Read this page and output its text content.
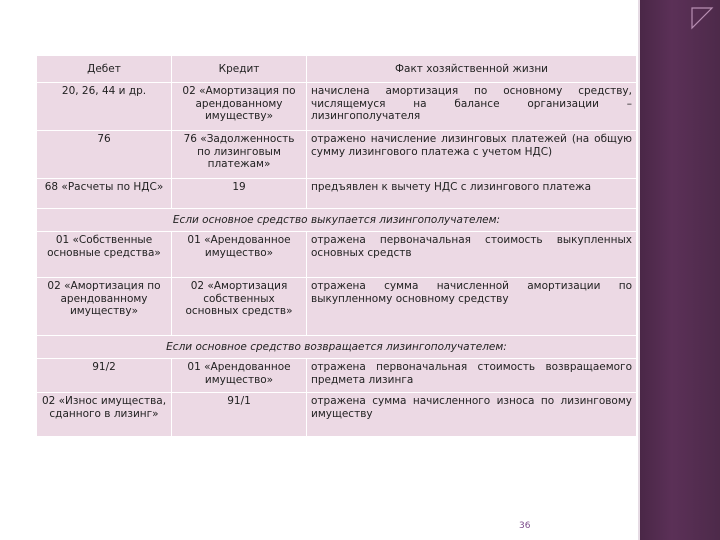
Дебет	Кредит	Факт хозяйственной жизни
20, 26, 44 и др.	02 «Амортизация по арендованному имуществу»	начислена амортизация по основному средству, числящемуся на балансе организации – лизингополучателя
76	76 «Задолженность по лизинговым платежам»	отражено начисление лизинговых платежей (на общую сумму лизингового платежа с учетом НДС)
68 «Расчеты по НДС»	19	предъявлен к вычету НДС с лизингового платежа
Если основное средство выкупается лизингополучателем:		
01 «Собственные основные средства»	01 «Арендованное имущество»	отражена первоначальная стоимость выкупленных основных средств
02 «Амортизация по арендованному имуществу»	02 «Амортизация собственных основных средств»	отражена сумма начисленной амортизации по выкупленному основному средству
Если основное средство возвращается лизингополучателем:		
91/2	01 «Арендованное имущество»	отражена первоначальная стоимость возвращаемого предмета лизинга
02 «Износ имущества, сданного в лизинг»	91/1	отражена сумма начисленного износа по лизинговому имуществу
36
